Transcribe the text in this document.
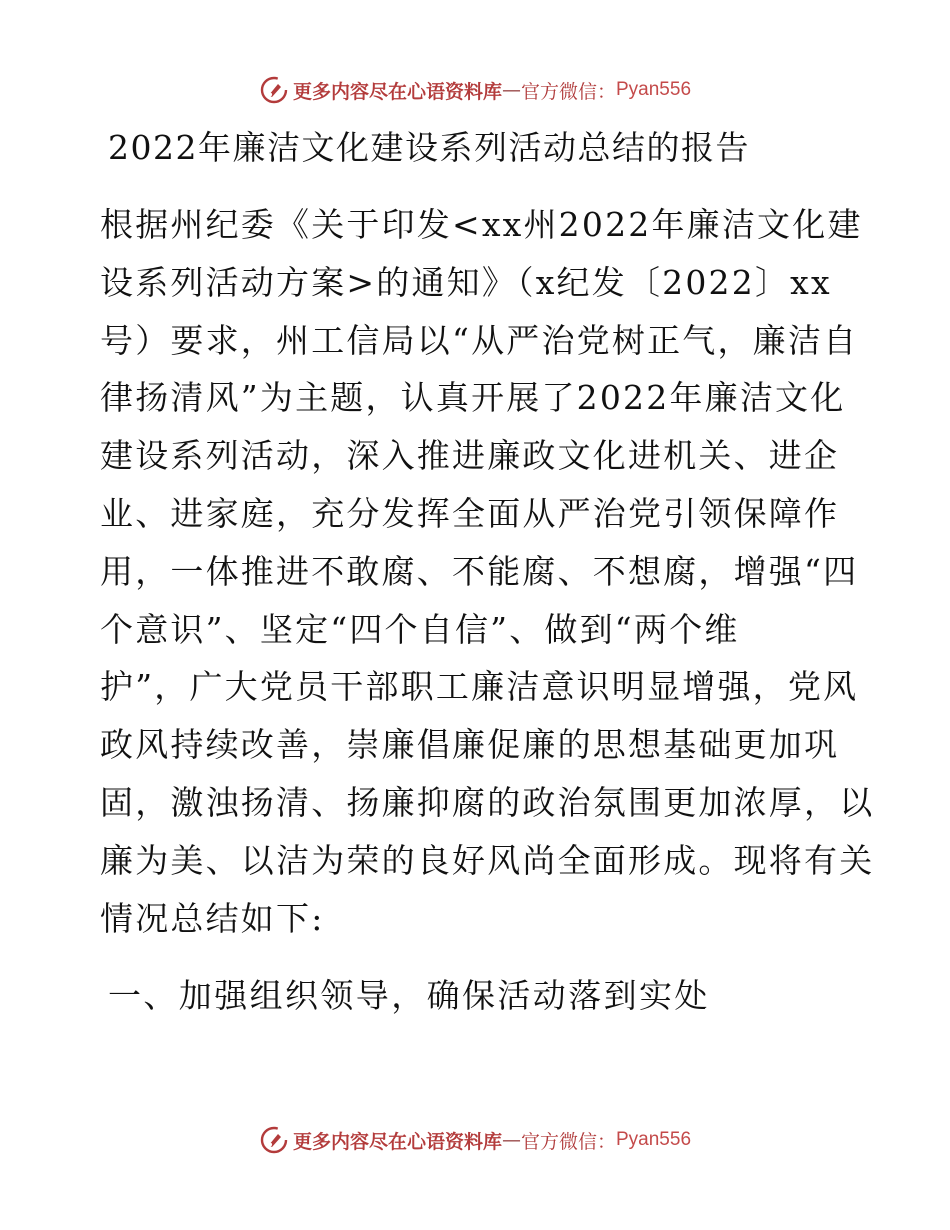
更多内容尽在心语资料库 — 官方微信： Pyan556
2022年廉洁文化建设系列活动总结的报告
根据州纪委《关于印发<xx州2022年廉洁文化建
设系列活动方案>的通知》（x纪发〔2022〕xx
号）要求，州工信局以“从严治党树正气，廉洁自
律扬清风”为主题，认真开展了2022年廉洁文化
建设系列活动，深入推进廉政文化进机关、进企
业、进家庭，充分发挥全面从严治党引领保障作
用，一体推进不敢腐、不能腐、不想腐，增强“四
个意识”、坚定“四个自信”、做到“两个维
护”，广大党员干部职工廉洁意识明显增强，党风
政风持续改善，崇廉倡廉促廉的思想基础更加巩
固，激浊扬清、扬廉抑腐的政治氛围更加浓厚，以
廉为美、以洁为荣的良好风尚全面形成。现将有关
情况总结如下:
一、加强组织领导，确保活动落到实处
更多内容尽在心语资料库 — 官方微信： Pyan556
